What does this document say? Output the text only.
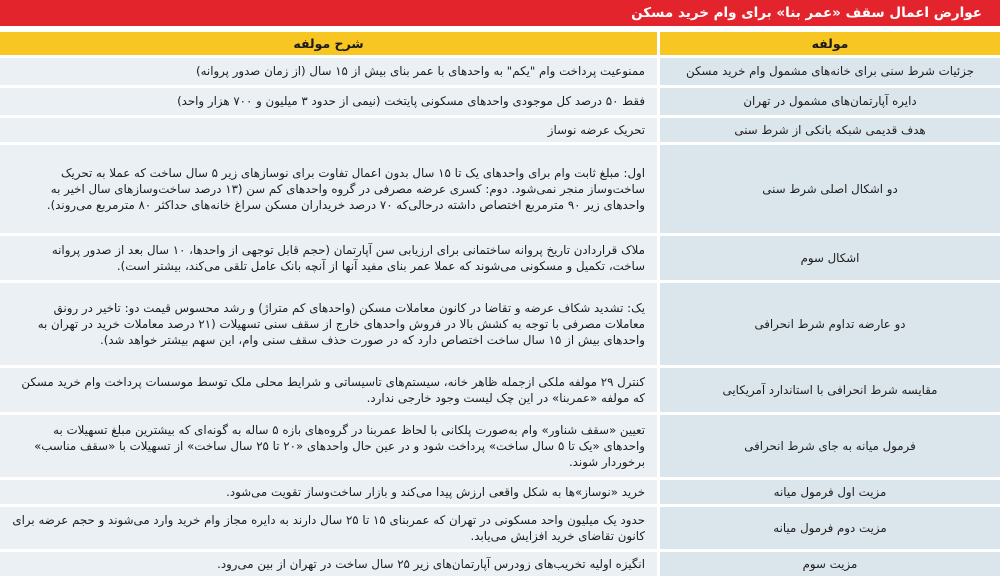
عوارض اعمال سقف «عمر بنا» برای وام خرید مسکن
مولفه	شرح مولفه
جزئیات شرط سنی برای خانه‌های مشمول وام خرید مسکن	ممنوعیت پرداخت وام "یکم" به واحدهای با عمر بنای بیش از ۱۵ سال (از زمان صدور پروانه)
دایره آپارتمان‌های مشمول در تهران	فقط ۵۰ درصد کل موجودی واحدهای مسکونی پایتخت (نیمی از حدود ۳ میلیون و ۷۰۰ هزار واحد)
هدف قدیمی شبکه بانکی از شرط سنی	تحریک عرضه نوساز
دو اشکال اصلی شرط سنی	اول: مبلغ ثابت وام برای واحدهای یک تا ۱۵ سال بدون اعمال تفاوت برای نوسازهای زیر ۵ سال ساخت که عملا به تحریک ساخت‌وساز منجر نمی‌شود. دوم: کسری عرضه مصرفی در گروه واحدهای کم سن (۱۳ درصد ساخت‌وسازهای سال اخیر به واحدهای زیر ۹۰ مترمربع اختصاص داشته درحالی‌که ۷۰ درصد خریداران مسکن سراغ خانه‌های حداکثر ۸۰ مترمربع می‌روند).
اشکال سوم	ملاک قراردادن تاریخ پروانه ساختمانی برای ارزیابی سن آپارتمان (حجم قابل توجهی از واحدها، ۱۰ سال بعد از صدور پروانه ساخت، تکمیل و مسکونی می‌شوند که عملا عمر بنای مفید آنها از آنچه بانک عامل تلقی می‌کند، بیشتر است).
دو عارضه تداوم شرط انحرافی	یک: تشدید شکاف عرضه و تقاضا در کانون معاملات مسکن (واحدهای کم متراژ) و رشد محسوس قیمت دو: تاخیر در رونق معاملات مصرفی با توجه به کشش بالا در فروش واحدهای خارج از سقف سنی تسهیلات (۲۱ درصد معاملات خرید در تهران به واحدهای بیش از ۱۵ سال ساخت اختصاص دارد که در صورت حذف سقف سنی وام، این سهم بیشتر خواهد شد).
مقایسه شرط انحرافی با استاندارد آمریکایی	کنترل ۲۹ مولفه ملکی ازجمله ظاهر خانه، سیستم‌های تاسیساتی و شرایط محلی ملک توسط موسسات پرداخت وام خرید مسکن که مولفه «عمربنا» در این چک لیست وجود خارجی ندارد.
فرمول میانه به جای شرط انحرافی	تعیین «سقف شناور» وام به‌صورت پلکانی با لحاظ عمربنا در گروه‌های بازه ۵ ساله به گونه‌ای که بیشترین مبلغ تسهیلات به واحدهای «یک تا ۵ سال ساخت» پرداخت شود و در عین حال واحدهای «۲۰ تا ۲۵ سال ساخت» از تسهیلات با «سقف مناسب» برخوردار شوند.
مزیت اول فرمول میانه	خرید «نوساز»ها به شکل واقعی ارزش پیدا می‌کند و بازار ساخت‌وساز تقویت می‌شود.
مزیت دوم فرمول میانه	حدود یک میلیون واحد مسکونی در تهران که عمربنای ۱۵ تا ۲۵ سال دارند به دایره مجاز وام خرید وارد می‌شوند و حجم عرضه برای کانون تقاضای خرید افزایش می‌یابد.
مزیت سوم	انگیزه اولیه تخریب‌های زودرس آپارتمان‌های زیر ۲۵ سال ساخت در تهران از بین می‌رود.
